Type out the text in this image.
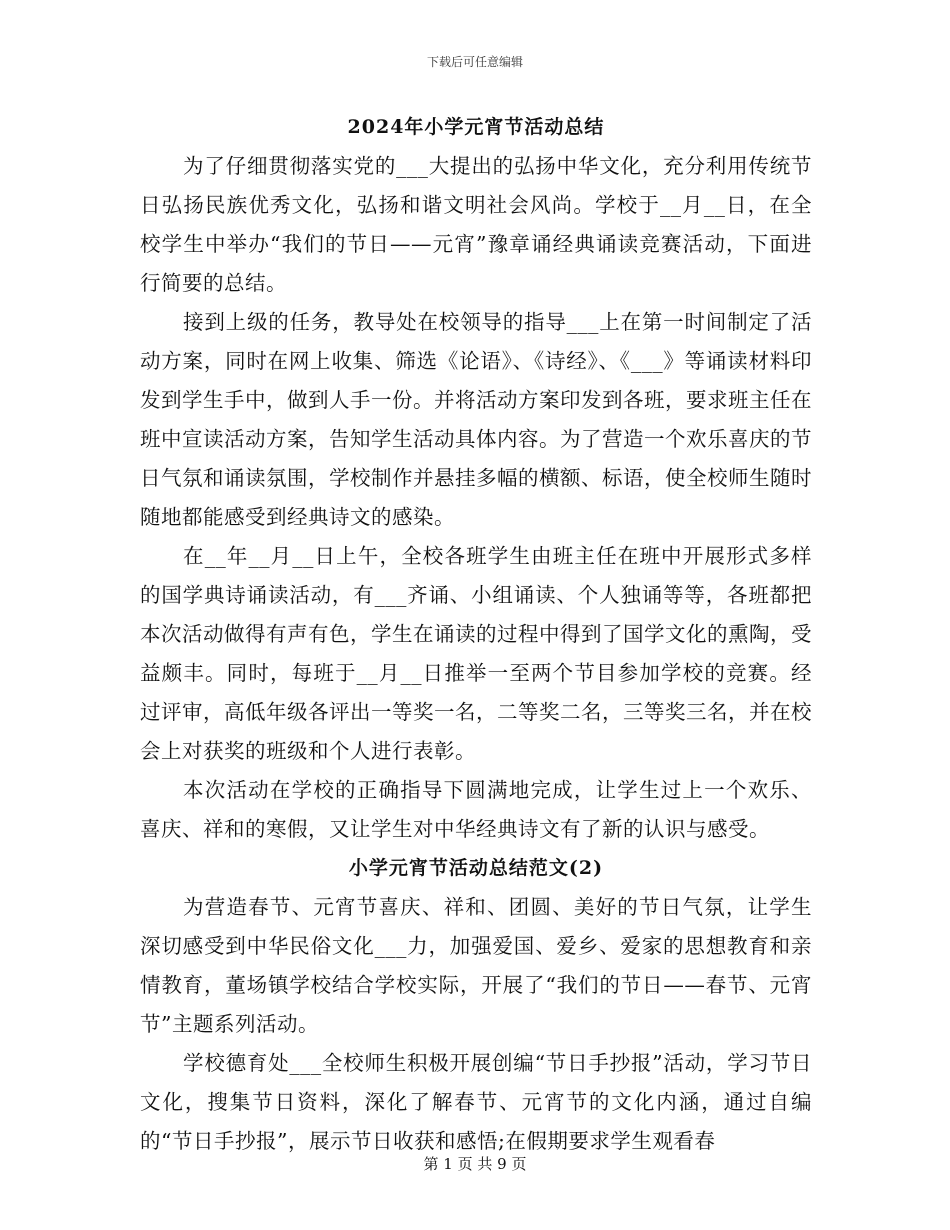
下载后可任意编辑

2024年小学元宵节活动总结

为了仔细贯彻落实党的___大提出的弘扬中华文化，充分利用传统节日弘扬民族优秀文化，弘扬和谐文明社会风尚。学校于__月__日，在全校学生中举办“我们的节日——元宵”豫章诵经典诵读竞赛活动，下面进行简要的总结。

接到上级的任务，教导处在校领导的指导___上在第一时间制定了活动方案，同时在网上收集、筛选《论语》、《诗经》、《___》等诵读材料印发到学生手中，做到人手一份。并将活动方案印发到各班，要求班主任在班中宣读活动方案，告知学生活动具体内容。为了营造一个欢乐喜庆的节日气氛和诵读氛围，学校制作并悬挂多幅的横额、标语，使全校师生随时随地都能感受到经典诗文的感染。

在__年__月__日上午，全校各班学生由班主任在班中开展形式多样的国学典诗诵读活动，有___齐诵、小组诵读、个人独诵等等，各班都把本次活动做得有声有色，学生在诵读的过程中得到了国学文化的熏陶，受益颇丰。同时，每班于__月__日推举一至两个节目参加学校的竞赛。经过评审，高低年级各评出一等奖一名，二等奖二名，三等奖三名，并在校会上对获奖的班级和个人进行表彰。

本次活动在学校的正确指导下圆满地完成，让学生过上一个欢乐、喜庆、祥和的寒假，又让学生对中华经典诗文有了新的认识与感受。

小学元宵节活动总结范文(2)

为营造春节、元宵节喜庆、祥和、团圆、美好的节日气氛，让学生深切感受到中华民俗文化___力，加强爱国、爱乡、爱家的思想教育和亲情教育，董场镇学校结合学校实际，开展了“我们的节日——春节、元宵节”主题系列活动。

学校德育处___全校师生积极开展创编“节日手抄报”活动，学习节日文化，搜集节日资料，深化了解春节、元宵节的文化内涵，通过自编的“节日手抄报”，展示节日收获和感悟;在假期要求学生观看春

第 1 页 共 9 页
